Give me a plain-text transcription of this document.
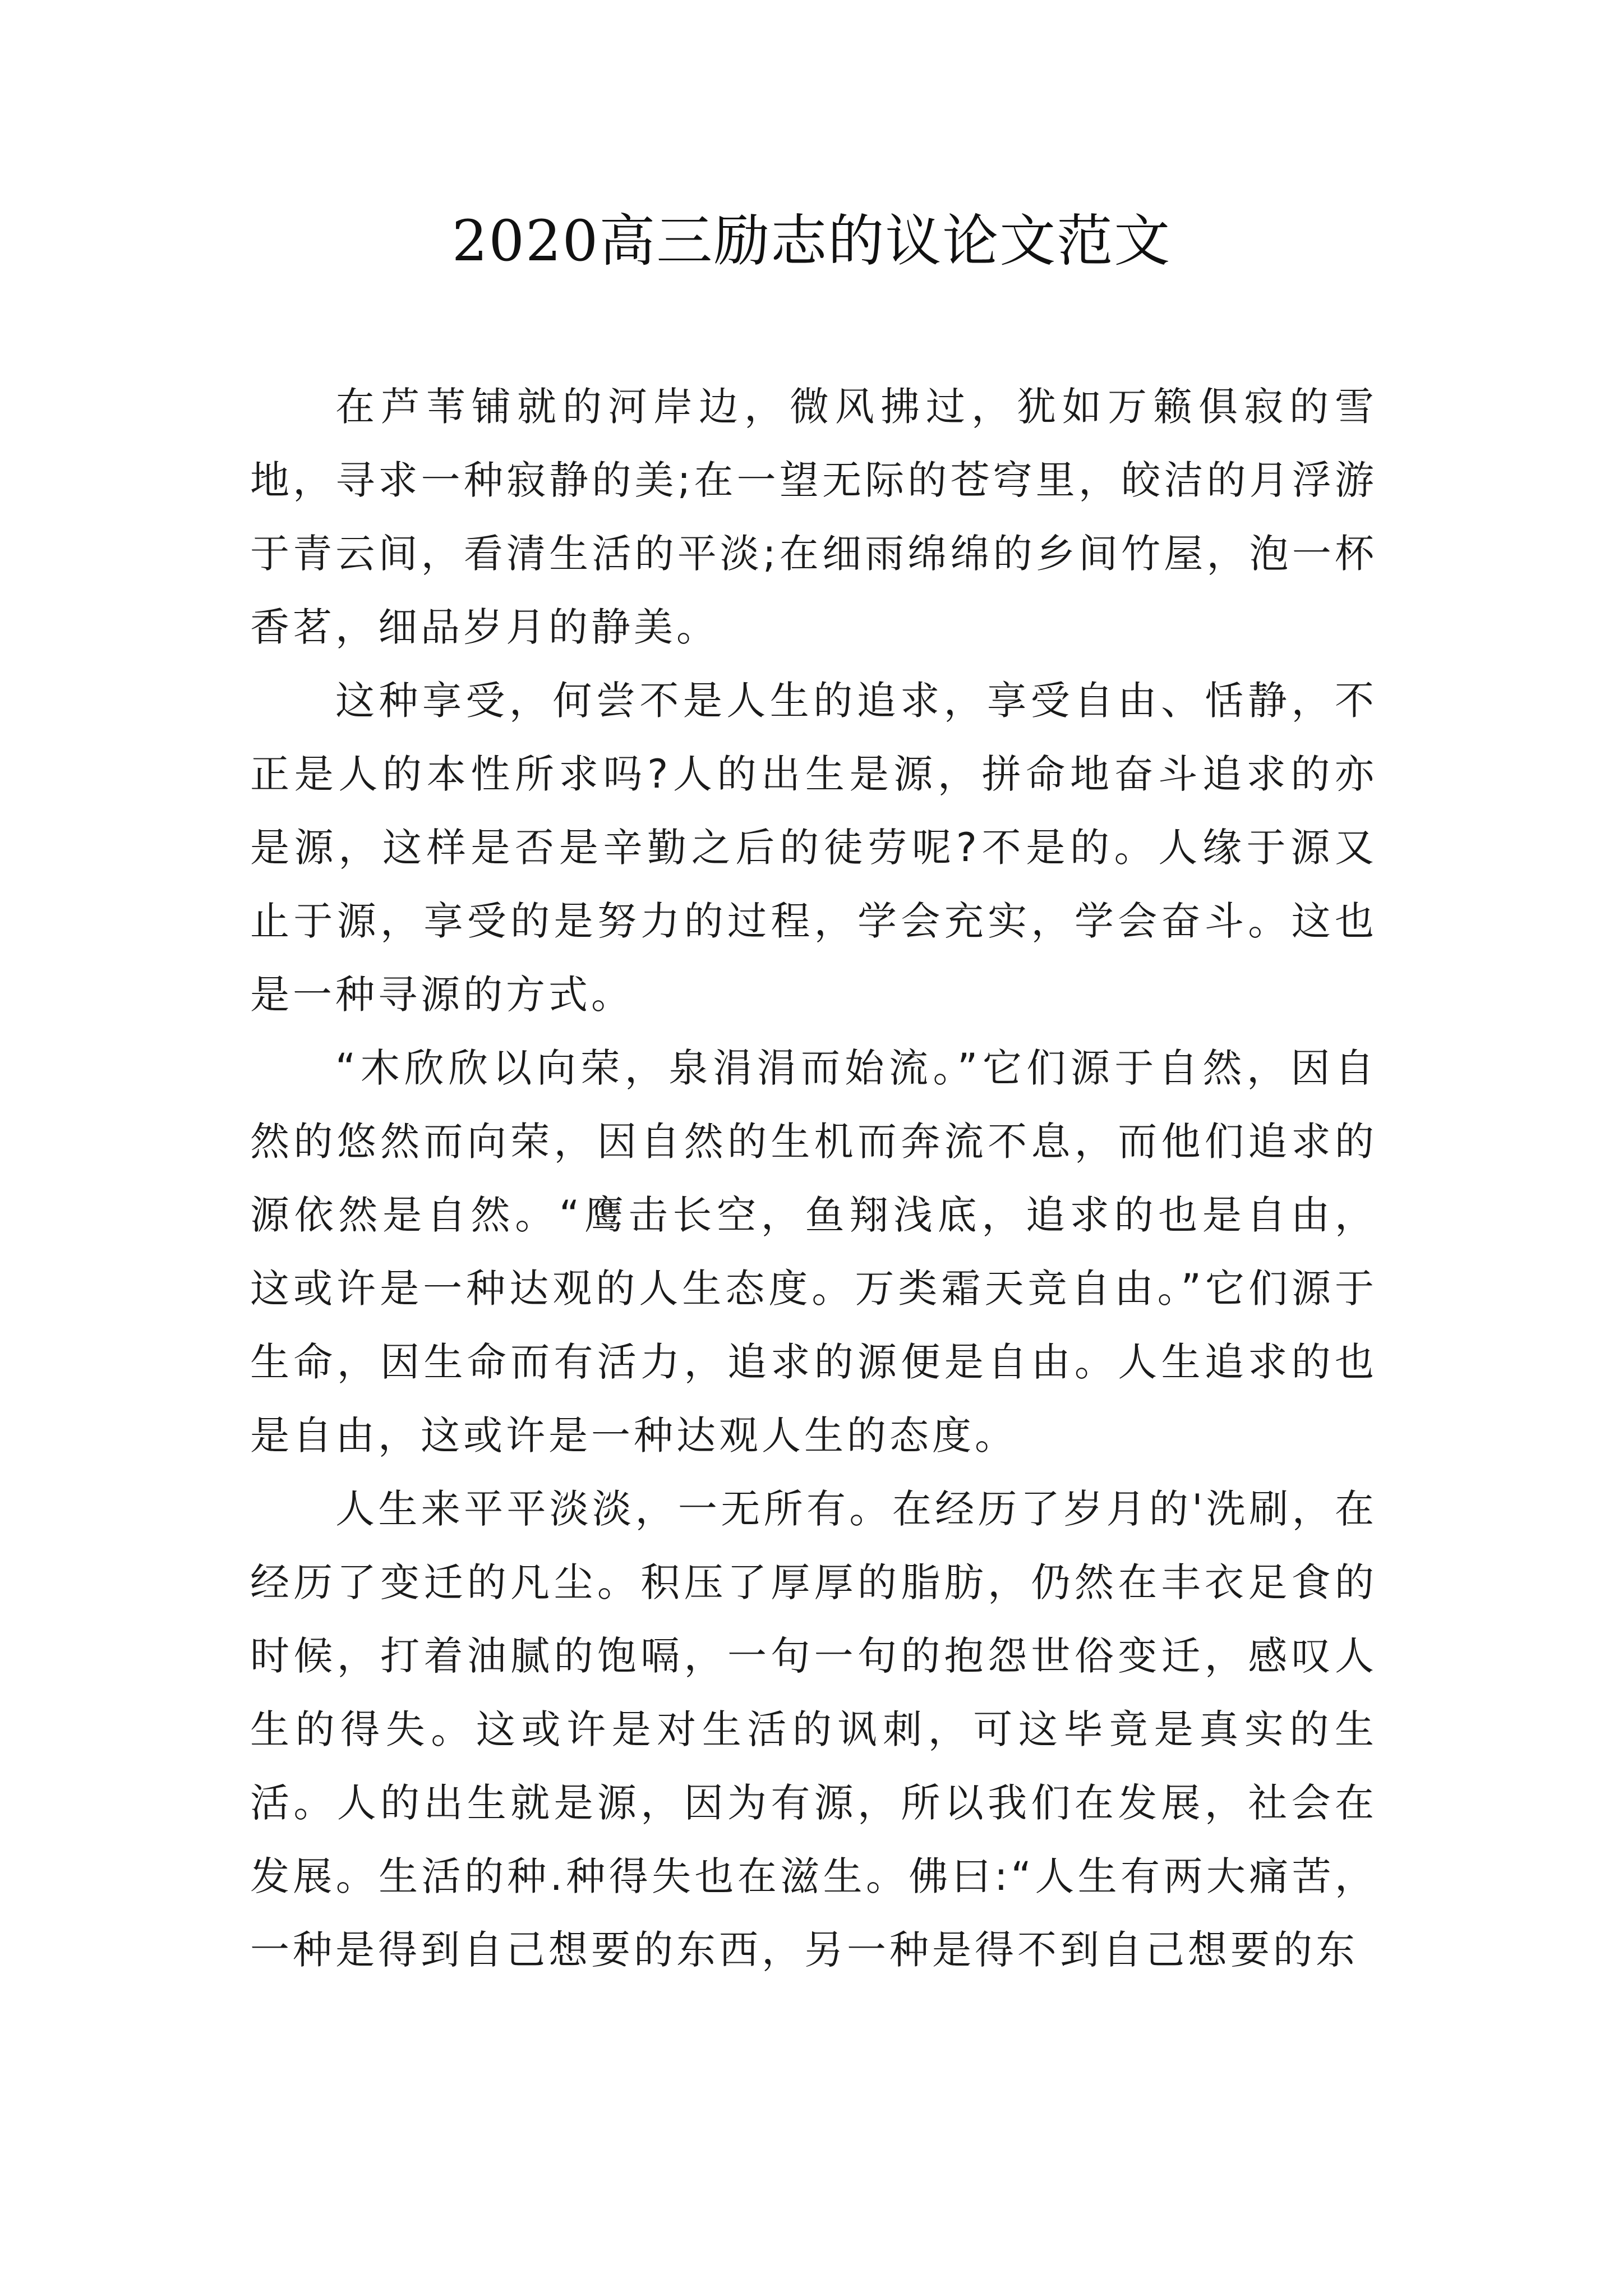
2020高三励志的议论文范文

在芦苇铺就的河岸边，微风拂过，犹如万籁俱寂的雪地，寻求一种寂静的美;在一望无际的苍穹里，皎洁的月浮游于青云间，看清生活的平淡;在细雨绵绵的乡间竹屋，泡一杯香茗，细品岁月的静美。

这种享受，何尝不是人生的追求，享受自由、恬静，不正是人的本性所求吗?人的出生是源，拼命地奋斗追求的亦是源，这样是否是辛勤之后的徒劳呢?不是的。人缘于源又止于源，享受的是努力的过程，学会充实，学会奋斗。这也是一种寻源的方式。

“木欣欣以向荣，泉涓涓而始流。”它们源于自然，因自然的悠然而向荣，因自然的生机而奔流不息，而他们追求的源依然是自然。“鹰击长空，鱼翔浅底，追求的也是自由，这或许是一种达观的人生态度。万类霜天竞自由。”它们源于生命，因生命而有活力，追求的源便是自由。人生追求的也是自由，这或许是一种达观人生的态度。

人生来平平淡淡，一无所有。在经历了岁月的'洗刷，在经历了变迁的凡尘。积压了厚厚的脂肪，仍然在丰衣足食的时候，打着油腻的饱嗝，一句一句的抱怨世俗变迁，感叹人生的得失。这或许是对生活的讽刺，可这毕竟是真实的生活。人的出生就是源，因为有源，所以我们在发展，社会在发展。生活的种.种得失也在滋生。佛曰:“人生有两大痛苦，一种是得到自己想要的东西，另一种是得不到自己想要的东
